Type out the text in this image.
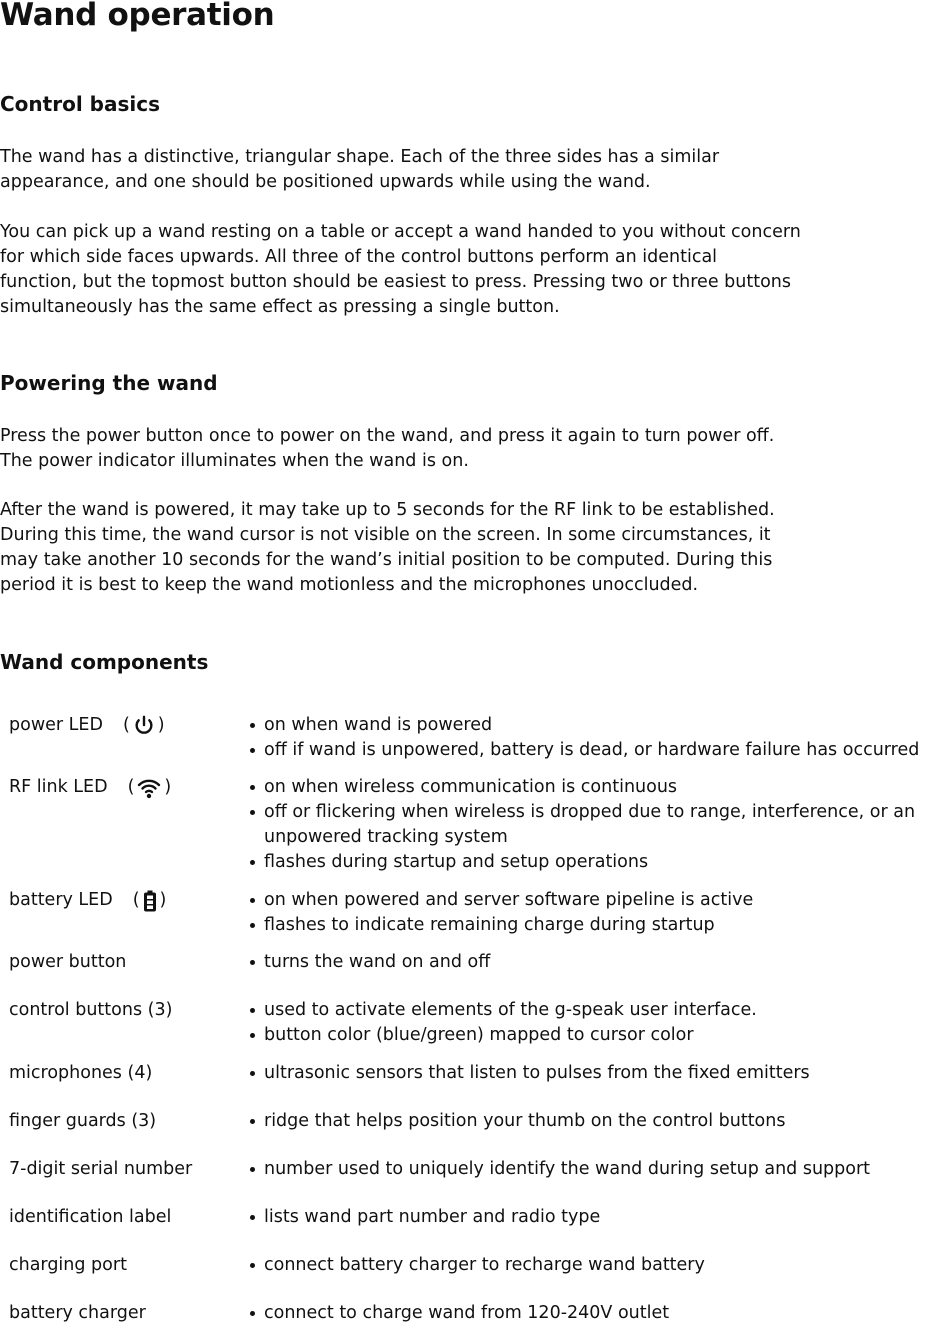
Wand operation
Control basics

The wand has a distinctive, triangular shape. Each of the three sides has a similar
appearance, and one should be positioned upwards while using the wand.

You can pick up a wand resting on a table or accept a wand handed to you without concern
for which side faces upwards. All three of the control buttons perform an identical
function, but the topmost button should be easiest to press. Pressing two or three buttons
simultaneously has the same effect as pressing a single button.

Powering the wand

Press the power button once to power on the wand, and press it again to turn power off.
The power indicator illuminates when the wand is on.

After the wand is powered, it may take up to 5 seconds for the RF link to be established.
During this time, the wand cursor is not visible on the screen. In some circumstances, it
may take another 10 seconds for the wand’s initial position to be computed. During this
period it is best to keep the wand motionless and the microphones unoccluded.

Wand components
power LED ( )	on when wand is powered
off if wand is unpowered, battery is dead, or hardware failure has occurred
RF link LED ( )	on when wireless communication is continuous
off or flickering when wireless is dropped due to range, interference, or an
unpowered tracking system
flashes during startup and setup operations
battery LED ( )	on when powered and server software pipeline is active
flashes to indicate remaining charge during startup
power button	turns the wand on and off
control buttons (3)	used to activate elements of the g-speak user interface.
button color (blue/green) mapped to cursor color
microphones (4)	ultrasonic sensors that listen to pulses from the fixed emitters
finger guards (3)	ridge that helps position your thumb on the control buttons
7-digit serial number	number used to uniquely identify the wand during setup and support
identification label	lists wand part number and radio type
charging port	connect battery charger to recharge wand battery
battery charger	connect to charge wand from 120-240V outlet
